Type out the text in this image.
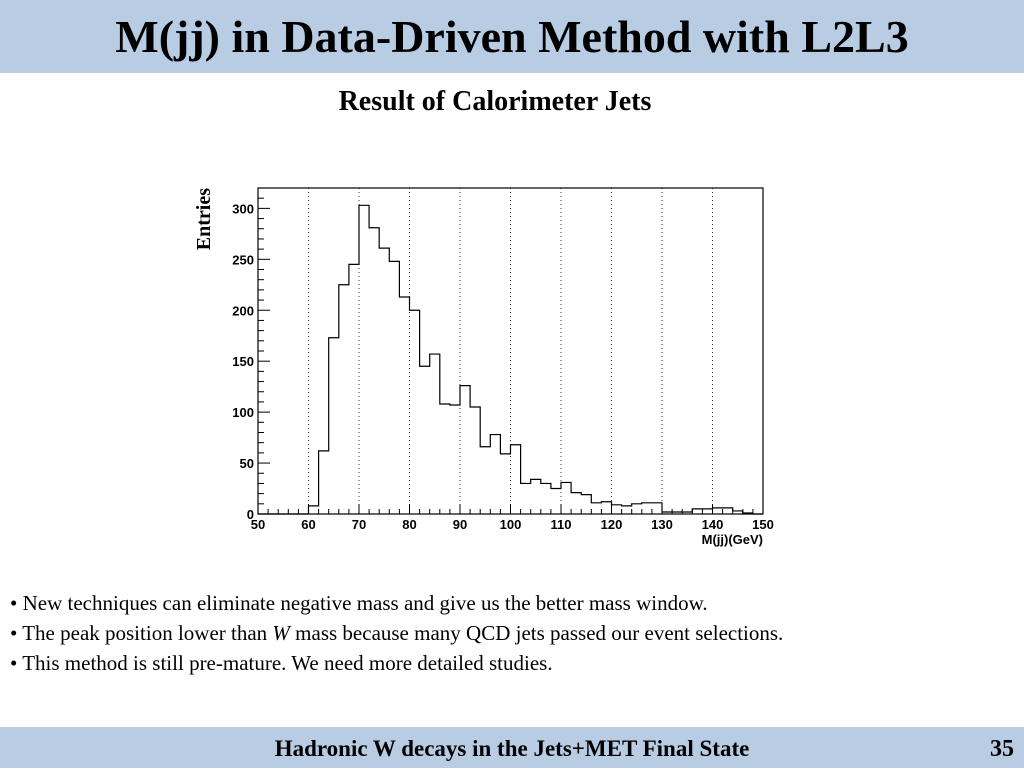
M(jj) in Data-Driven Method with L2L3
Result of Calorimeter Jets
50	60	70	80	90 100 110 120 130 140 150
0
50
100
150
200
250
300
M(jj)(GeV)
Entries
• New techniques can eliminate negative mass and give us the better mass window.
• The peak position lower than W mass because many QCD jets passed our event selections.
• This method is still pre-mature. We need more detailed studies.
Hadronic W decays in the Jets+MET Final State	35
